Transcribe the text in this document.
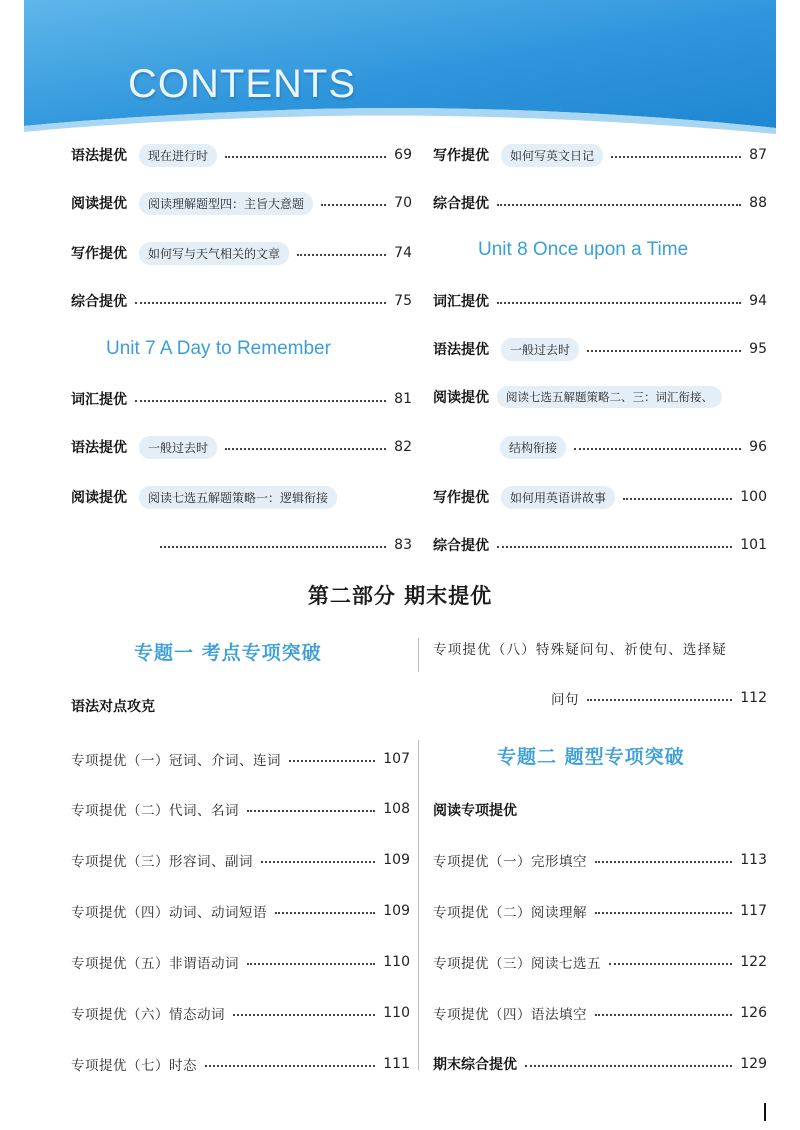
CONTENTS
语法提优	现在进行时	69
阅读提优	阅读理解题型四：主旨大意题	70
写作提优	如何写与天气相关的文章	74
综合提优	75
Unit 7 A Day to Remember
词汇提优	81
语法提优	一般过去时	82
阅读提优	阅读七选五解题策略一：逻辑衔接
83
写作提优	如何写英文日记	87
综合提优	88
Unit 8 Once upon a Time
词汇提优	94
语法提优	一般过去时	95
阅读提优	阅读七选五解题策略二、三：词汇衔接、
结构衔接	96
写作提优	如何用英语讲故事	100
综合提优	101
第二部分 期末提优
专题一 考点专项突破
语法对点攻克
专项提优（一）冠词、介词、连词	107
专项提优（二）代词、名词	108
专项提优（三）形容词、副词	109
专项提优（四）动词、动词短语	109
专项提优（五）非谓语动词	110
专项提优（六）情态动词	110
专项提优（七）时态	111
专项提优（八）特殊疑问句、祈使句、选择疑
问句	112
专题二 题型专项突破
阅读专项提优
专项提优（一）完形填空	113
专项提优（二）阅读理解	117
专项提优（三）阅读七选五	122
专项提优（四）语法填空	126
期末综合提优	129
